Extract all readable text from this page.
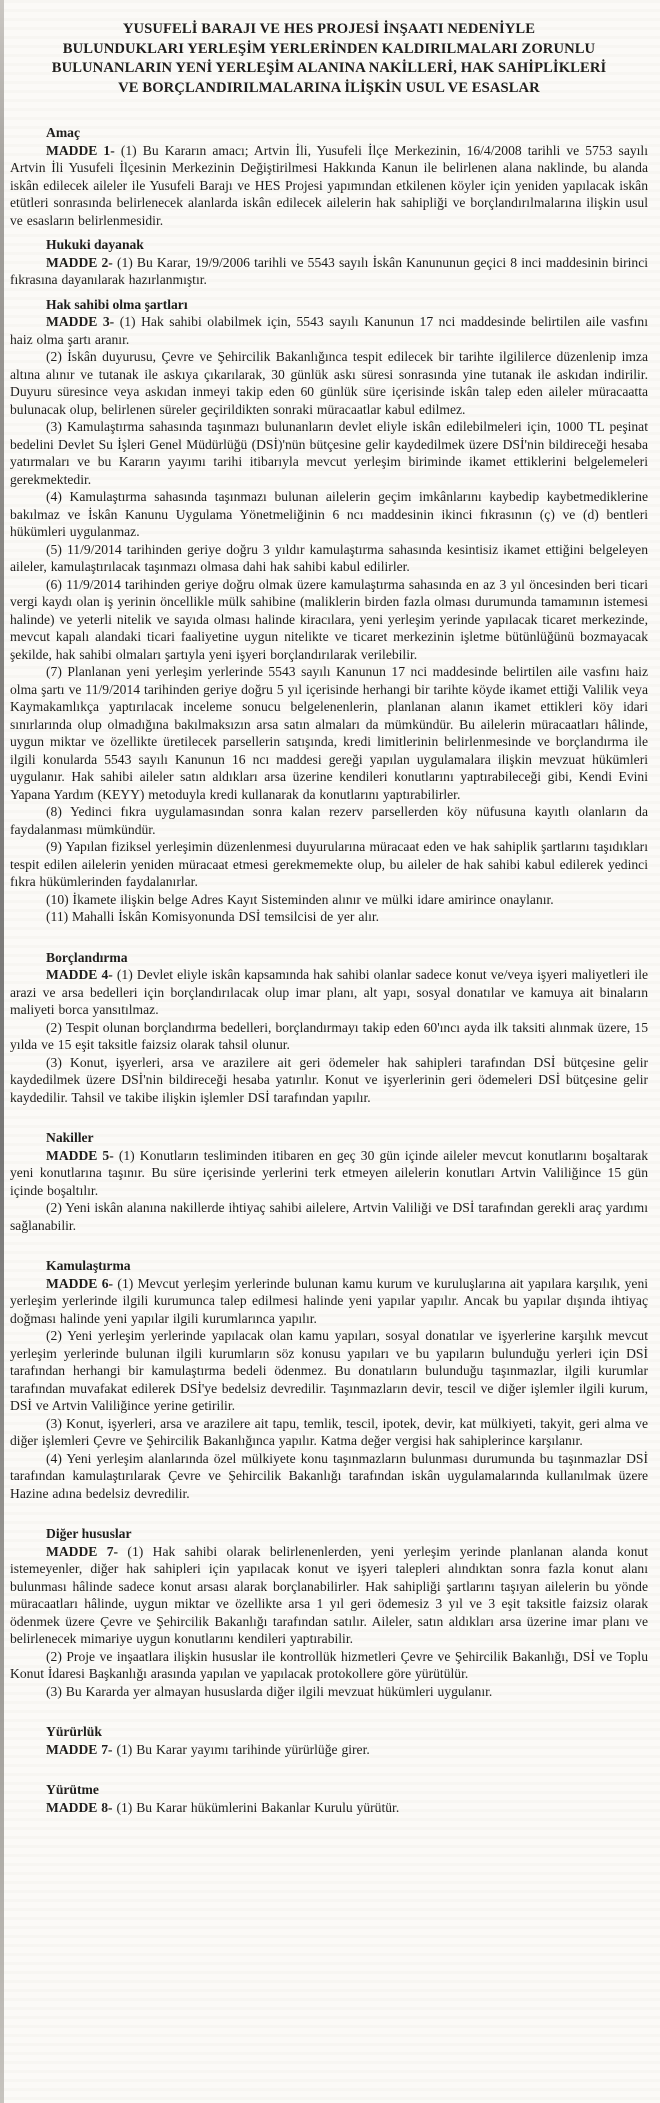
YUSUFELİ BARAJI VE HES PROJESİ İNŞAATI NEDENİYLE
BULUNDUKLARI YERLEŞİM YERLERİNDEN KALDIRILMALARI ZORUNLU
BULUNANLARIN YENİ YERLEŞİM ALANINA NAKİLLERİ, HAK SAHİPLİKLERİ
VE BORÇLANDIRILMALARINA İLİŞKİN USUL VE ESASLAR
Amaç

MADDE 1- (1) Bu Kararın amacı; Artvin İli, Yusufeli İlçe Merkezinin, 16/4/2008 tarihli ve 5753 sayılı Artvin İli Yusufeli İlçesinin Merkezinin Değiştirilmesi Hakkında Kanun ile belirlenen alana naklinde, bu alanda iskân edilecek aileler ile Yusufeli Barajı ve HES Projesi yapımından etkilenen köyler için yeniden yapılacak iskân etütleri sonrasında belirlenecek alanlarda iskân edilecek ailelerin hak sahipliği ve borçlandırılmalarına ilişkin usul ve esasların belirlenmesidir.

Hukuki dayanak

MADDE 2- (1) Bu Karar, 19/9/2006 tarihli ve 5543 sayılı İskân Kanununun geçici 8 inci maddesinin birinci fıkrasına dayanılarak hazırlanmıştır.

Hak sahibi olma şartları

MADDE 3- (1) Hak sahibi olabilmek için, 5543 sayılı Kanunun 17 nci maddesinde belirtilen aile vasfını haiz olma şartı aranır.

(2) İskân duyurusu, Çevre ve Şehircilik Bakanlığınca tespit edilecek bir tarihte ilgililerce düzenlenip imza altına alınır ve tutanak ile askıya çıkarılarak, 30 günlük askı süresi sonrasında yine tutanak ile askıdan indirilir. Duyuru süresince veya askıdan inmeyi takip eden 60 günlük süre içerisinde iskân talep eden aileler müracaatta bulunacak olup, belirlenen süreler geçirildikten sonraki müracaatlar kabul edilmez.

(3) Kamulaştırma sahasında taşınmazı bulunanların devlet eliyle iskân edilebilmeleri için, 1000 TL peşinat bedelini Devlet Su İşleri Genel Müdürlüğü (DSİ)'nün bütçesine gelir kaydedilmek üzere DSİ'nin bildireceği hesaba yatırmaları ve bu Kararın yayımı tarihi itibarıyla mevcut yerleşim biriminde ikamet ettiklerini belgelemeleri gerekmektedir.

(4) Kamulaştırma sahasında taşınmazı bulunan ailelerin geçim imkânlarını kaybedip kaybetmediklerine bakılmaz ve İskân Kanunu Uygulama Yönetmeliğinin 6 ncı maddesinin ikinci fıkrasının (ç) ve (d) bentleri hükümleri uygulanmaz.

(5) 11/9/2014 tarihinden geriye doğru 3 yıldır kamulaştırma sahasında kesintisiz ikamet ettiğini belgeleyen aileler, kamulaştırılacak taşınmazı olmasa dahi hak sahibi kabul edilirler.

(6) 11/9/2014 tarihinden geriye doğru olmak üzere kamulaştırma sahasında en az 3 yıl öncesinden beri ticari vergi kaydı olan iş yerinin öncellikle mülk sahibine (maliklerin birden fazla olması durumunda tamamının istemesi halinde) ve yeterli nitelik ve sayıda olması halinde kiracılara, yeni yerleşim yerinde yapılacak ticaret merkezinde, mevcut kapalı alandaki ticari faaliyetine uygun nitelikte ve ticaret merkezinin işletme bütünlüğünü bozmayacak şekilde, hak sahibi olmaları şartıyla yeni işyeri borçlandırılarak verilebilir.

(7) Planlanan yeni yerleşim yerlerinde 5543 sayılı Kanunun 17 nci maddesinde belirtilen aile vasfını haiz olma şartı ve 11/9/2014 tarihinden geriye doğru 5 yıl içerisinde herhangi bir tarihte köyde ikamet ettiği Valilik veya Kaymakamlıkça yaptırılacak inceleme sonucu belgelenenlerin, planlanan alanın ikamet ettikleri köy idari sınırlarında olup olmadığına bakılmaksızın arsa satın almaları da mümkündür. Bu ailelerin müracaatları hâlinde, uygun miktar ve özellikte üretilecek parsellerin satışında, kredi limitlerinin belirlenmesinde ve borçlandırma ile ilgili konularda 5543 sayılı Kanunun 16 ncı maddesi gereği yapılan uygulamalara ilişkin mevzuat hükümleri uygulanır. Hak sahibi aileler satın aldıkları arsa üzerine kendileri konutlarını yaptırabileceği gibi, Kendi Evini Yapana Yardım (KEYY) metoduyla kredi kullanarak da konutlarını yaptırabilirler.

(8) Yedinci fıkra uygulamasından sonra kalan rezerv parsellerden köy nüfusuna kayıtlı olanların da faydalanması mümkündür.

(9) Yapılan fiziksel yerleşimin düzenlenmesi duyurularına müracaat eden ve hak sahiplik şartlarını taşıdıkları tespit edilen ailelerin yeniden müracaat etmesi gerekmemekte olup, bu aileler de hak sahibi kabul edilerek yedinci fıkra hükümlerinden faydalanırlar.

(10) İkamete ilişkin belge Adres Kayıt Sisteminden alınır ve mülki idare amirince onaylanır.

(11) Mahalli İskân Komisyonunda DSİ temsilcisi de yer alır.

Borçlandırma

MADDE 4- (1) Devlet eliyle iskân kapsamında hak sahibi olanlar sadece konut ve/veya işyeri maliyetleri ile arazi ve arsa bedelleri için borçlandırılacak olup imar planı, alt yapı, sosyal donatılar ve kamuya ait binaların maliyeti borca yansıtılmaz.

(2) Tespit olunan borçlandırma bedelleri, borçlandırmayı takip eden 60'ıncı ayda ilk taksiti alınmak üzere, 15 yılda ve 15 eşit taksitle faizsiz olarak tahsil olunur.

(3) Konut, işyerleri, arsa ve arazilere ait geri ödemeler hak sahipleri tarafından DSİ bütçesine gelir kaydedilmek üzere DSİ'nin bildireceği hesaba yatırılır. Konut ve işyerlerinin geri ödemeleri DSİ bütçesine gelir kaydedilir. Tahsil ve takibe ilişkin işlemler DSİ tarafından yapılır.

Nakiller

MADDE 5- (1) Konutların tesliminden itibaren en geç 30 gün içinde aileler mevcut konutlarını boşaltarak yeni konutlarına taşınır. Bu süre içerisinde yerlerini terk etmeyen ailelerin konutları Artvin Valiliğince 15 gün içinde boşaltılır.

(2) Yeni iskân alanına nakillerde ihtiyaç sahibi ailelere, Artvin Valiliği ve DSİ tarafından gerekli araç yardımı sağlanabilir.

Kamulaştırma

MADDE 6- (1) Mevcut yerleşim yerlerinde bulunan kamu kurum ve kuruluşlarına ait yapılara karşılık, yeni yerleşim yerlerinde ilgili kurumunca talep edilmesi halinde yeni yapılar yapılır. Ancak bu yapılar dışında ihtiyaç doğması halinde yeni yapılar ilgili kurumlarınca yapılır.

(2) Yeni yerleşim yerlerinde yapılacak olan kamu yapıları, sosyal donatılar ve işyerlerine karşılık mevcut yerleşim yerlerinde bulunan ilgili kurumların söz konusu yapıları ve bu yapıların bulunduğu yerleri için DSİ tarafından herhangi bir kamulaştırma bedeli ödenmez. Bu donatıların bulunduğu taşınmazlar, ilgili kurumlar tarafından muvafakat edilerek DSİ'ye bedelsiz devredilir. Taşınmazların devir, tescil ve diğer işlemler ilgili kurum, DSİ ve Artvin Valiliğince yerine getirilir.

(3) Konut, işyerleri, arsa ve arazilere ait tapu, temlik, tescil, ipotek, devir, kat mülkiyeti, takyit, geri alma ve diğer işlemleri Çevre ve Şehircilik Bakanlığınca yapılır. Katma değer vergisi hak sahiplerince karşılanır.

(4) Yeni yerleşim alanlarında özel mülkiyete konu taşınmazların bulunması durumunda bu taşınmazlar DSİ tarafından kamulaştırılarak Çevre ve Şehircilik Bakanlığı tarafından iskân uygulamalarında kullanılmak üzere Hazine adına bedelsiz devredilir.

Diğer hususlar

MADDE 7- (1) Hak sahibi olarak belirlenenlerden, yeni yerleşim yerinde planlanan alanda konut istemeyenler, diğer hak sahipleri için yapılacak konut ve işyeri talepleri alındıktan sonra fazla konut alanı bulunması hâlinde sadece konut arsası alarak borçlanabilirler. Hak sahipliği şartlarını taşıyan ailelerin bu yönde müracaatları hâlinde, uygun miktar ve özellikte arsa 1 yıl geri ödemesiz 3 yıl ve 3 eşit taksitle faizsiz olarak ödenmek üzere Çevre ve Şehircilik Bakanlığı tarafından satılır. Aileler, satın aldıkları arsa üzerine imar planı ve belirlenecek mimariye uygun konutlarını kendileri yaptırabilir.

(2) Proje ve inşaatlara ilişkin hususlar ile kontrollük hizmetleri Çevre ve Şehircilik Bakanlığı, DSİ ve Toplu Konut İdaresi Başkanlığı arasında yapılan ve yapılacak protokollere göre yürütülür.

(3) Bu Kararda yer almayan hususlarda diğer ilgili mevzuat hükümleri uygulanır.

Yürürlük

MADDE 7- (1) Bu Karar yayımı tarihinde yürürlüğe girer.

Yürütme

MADDE 8- (1) Bu Karar hükümlerini Bakanlar Kurulu yürütür.
